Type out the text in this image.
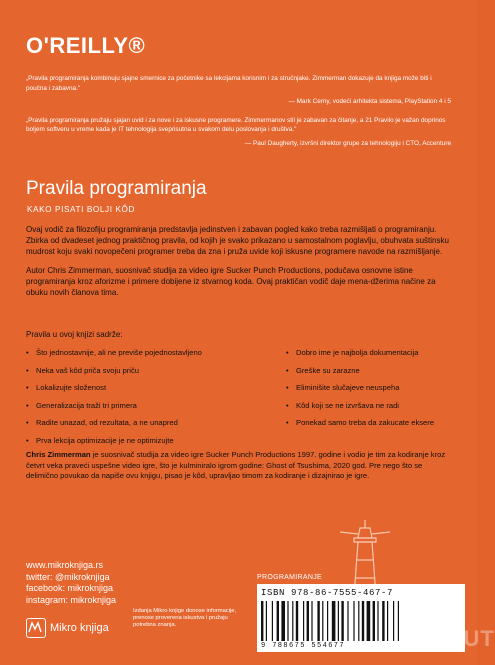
O'REILLY®

„Pravila programiranja kombinuju sjajne smernice za početnike sa lekcijama korisnim i za stručnjake. Zimmerman dokazuje da knjiga može biti i poučna i zabavna."

— Mark Cerny, vodeći arhitekta sistema, PlayStation 4 i 5

„Pravila programiranja pružaju sjajan uvid i za nove i za iskusne programere. Zimmermanov stil je zabavan za čitanje, a 21 Pravilo je važan doprinos boljem softveru u vreme kada je IT tehnologija sveprisutna u svakom delu poslovanja i društva."

— Paul Daugherty, izvršni direktor grupe za tehnologiju i CTO, Accenture

Pravila programiranja
KAKO PISATI BOLJI KÔD

Ovaj vodič za filozofiju programiranja predstavlja jedinstven i zabavan pogled kako treba razmišljati o programiranju. Zbirka od dvadeset jednog praktičnog pravila, od kojih je svako prikazano u samostalnom poglavlju, obuhvata suštinsku mudrost koju svaki novopečeni programer treba da zna i pruža uvide koji iskusne programere navode na razmišljanje.

Autor Chris Zimmerman, suosnivač studija za video igre Sucker Punch Productions, podučava osnovne istine programiranja kroz aforizme i primere dobijene iz stvarnog koda. Ovaj praktičan vodič daje mena-džerima načine za obuku novih članova tima.

Pravila u ovoj knjizi sadrže:
• Što jednostavnije, ali ne previše pojednostavljeno
• Neka vaš kôd priča svoju priču
• Lokalizujte složenost
• Generalizacija traži tri primera
• Radite unazad, od rezultata, a ne unapred
• Prva lekcija optimizacije je ne optimizujte
• Dobro ime je najbolja dokumentacija
• Greške su zarazne
• Eliminišite slučajeve neuspeha
• Kôd koji se ne izvršava ne radi
• Ponekad samo treba da zakucate eksere
Chris Zimmerman je suosnivač studija za video igre Sucker Punch Productions 1997. godine i vodio je tim za kodiranje kroz četvrt veka praveći uspešne video igre, što je kulminiralo igrom godine: Ghost of Tsushima, 2020 god. Pre nego što se delimično povukao da napiše ovu knjigu, pisao je kôd, upravljao timom za kodiranje i dizajnirao je igre.
www.mikroknjiga.rs
twitter: @mikroknjiga
facebook: mikroknjiga
instagram: mikroknjiga
Mikro knjiga
Izdanja Mikro knjige donose informacije, prenose proverena iskustva i pružaju potrebna znanja.
PROGRAMIRANJE
ISBN 978-86-7555-467-7
9 788675 554677	MAMUT
